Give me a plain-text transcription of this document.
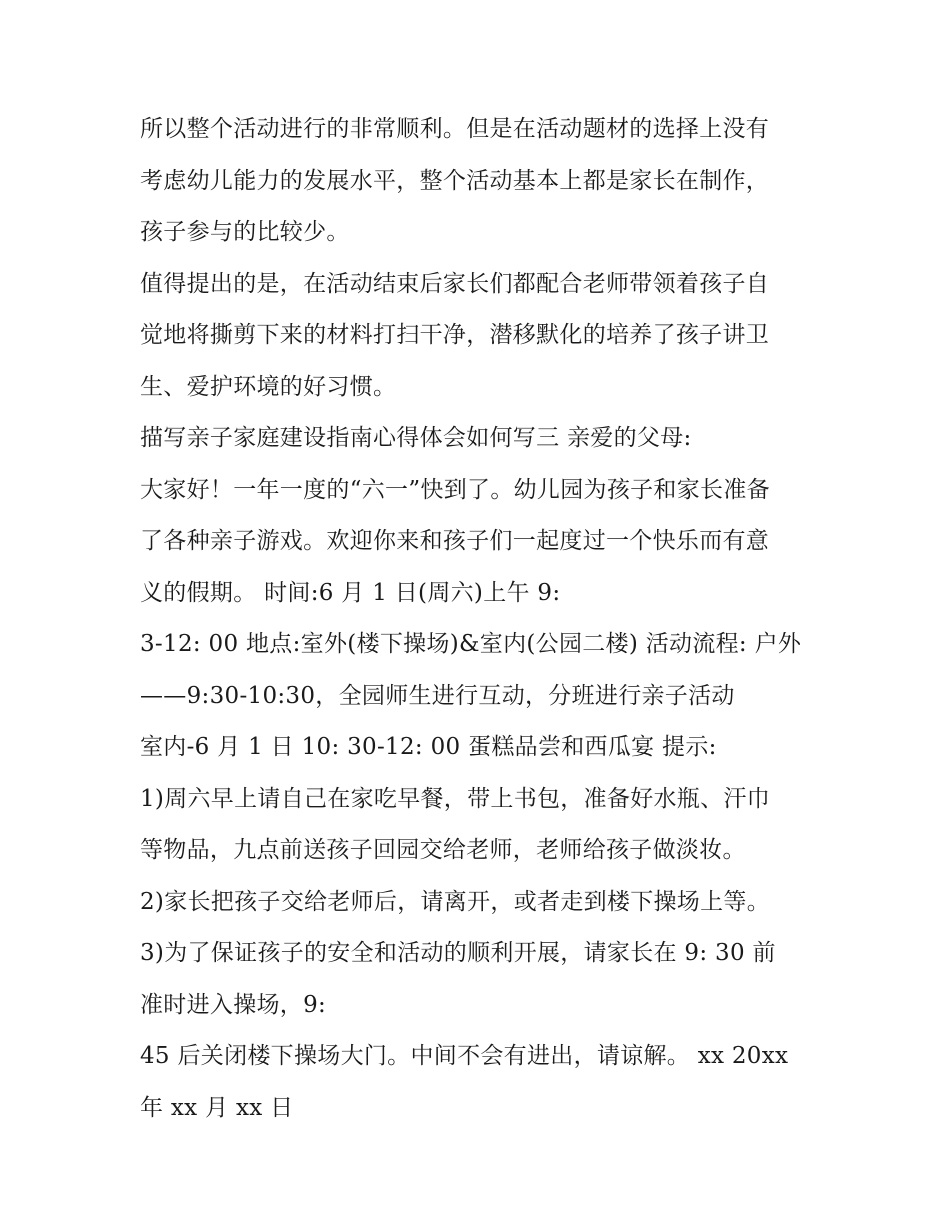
所以整个活动进行的非常顺利。但是在活动题材的选择上没有
考虑幼儿能力的发展水平，整个活动基本上都是家长在制作，
孩子参与的比较少。
值得提出的是，在活动结束后家长们都配合老师带领着孩子自
觉地将撕剪下来的材料打扫干净，潜移默化的培养了孩子讲卫
生、爱护环境的好习惯。
描写亲子家庭建设指南心得体会如何写三 亲爱的父母:
大家好！一年一度的“六一”快到了。幼儿园为孩子和家长准备
了各种亲子游戏。欢迎你来和孩子们一起度过一个快乐而有意
义的假期。 时间:6 月 1 日(周六)上午 9:
3-12: 00 地点:室外(楼下操场)&室内(公园二楼) 活动流程: 户外
——9:30-10:30，全园师生进行互动，分班进行亲子活动
室内-6 月 1 日 10: 30-12: 00 蛋糕品尝和西瓜宴 提示:
1)周六早上请自己在家吃早餐，带上书包，准备好水瓶、汗巾
等物品，九点前送孩子回园交给老师，老师给孩子做淡妆。
2)家长把孩子交给老师后，请离开，或者走到楼下操场上等。
3)为了保证孩子的安全和活动的顺利开展，请家长在 9: 30 前
准时进入操场，9:
45 后关闭楼下操场大门。中间不会有进出，请谅解。 xx 20xx
年 xx 月 xx 日
